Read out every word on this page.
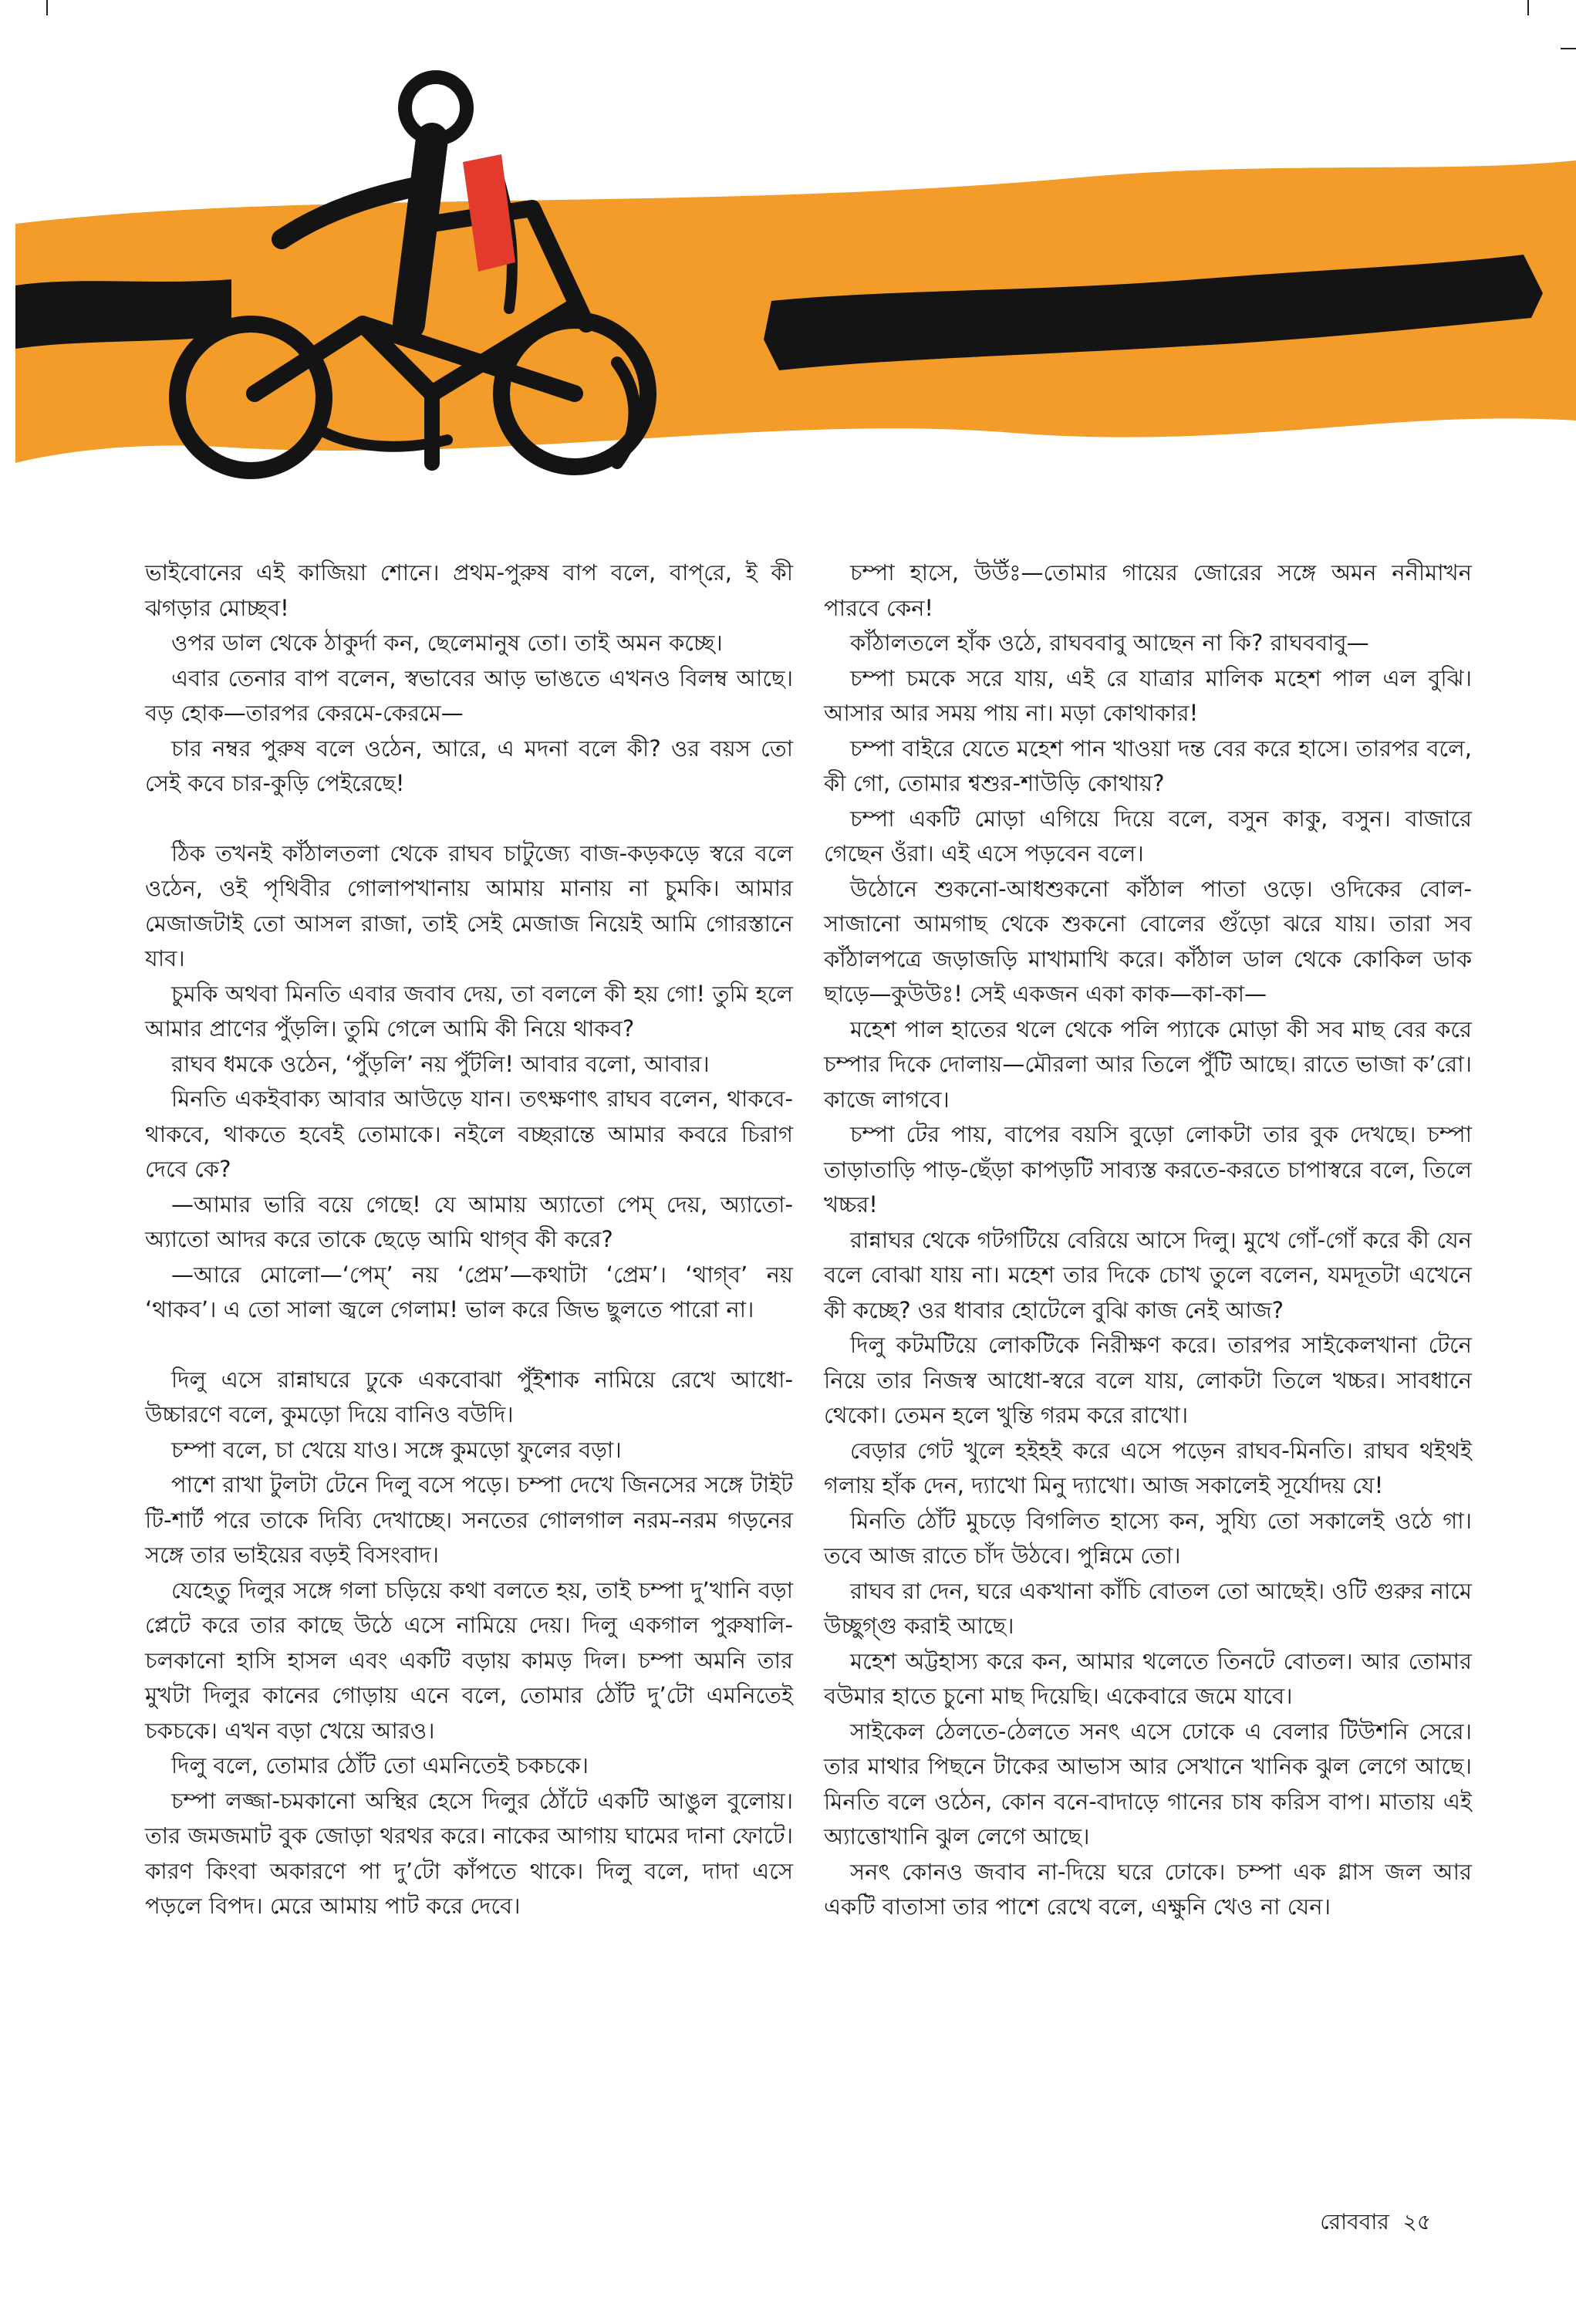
ভাইবোনের এই কাজিয়া শোনে। প্রথম-পুরুষ বাপ বলে, বাপ্‌রে, ই কী ঝগড়ার মোচ্ছব!

ওপর ডাল থেকে ঠাকুর্দা কন, ছেলেমানুষ তো। তাই অমন কচ্ছে।

এবার তেনার বাপ বলেন, স্বভাবের আড় ভাঙতে এখনও বিলম্ব আছে। বড় হোক—তারপর কেরমে-কেরমে—

চার নম্বর পুরুষ বলে ওঠেন, আরে, এ মদনা বলে কী? ওর বয়স তো সেই কবে চার-কুড়ি পেইরেছে!

ঠিক তখনই কাঁঠালতলা থেকে রাঘব চাটুজ্যে বাজ-কড়কড়ে স্বরে বলে ওঠেন, ওই পৃথিবীর গোলাপখানায় আমায় মানায় না চুমকি। আমার মেজাজটাই তো আসল রাজা, তাই সেই মেজাজ নিয়েই আমি গোরস্তানে যাব।

চুমকি অথবা মিনতি এবার জবাব দেয়, তা বললে কী হয় গো! তুমি হলে আমার প্রাণের পুঁড়লি। তুমি গেলে আমি কী নিয়ে থাকব?

রাঘব ধমকে ওঠেন, ‘পুঁড়লি’ নয় পুঁটলি! আবার বলো, আবার।

মিনতি একইবাক্য আবার আউড়ে যান। তৎক্ষণাৎ রাঘব বলেন, থাকবে-থাকবে, থাকতে হবেই তোমাকে। নইলে বচ্ছরান্তে আমার কবরে চিরাগ দেবে কে?

—আমার ভারি বয়ে গেছে! যে আমায় অ্যাতো পেম্‌ দেয়, অ্যাতো-অ্যাতো আদর করে তাকে ছেড়ে আমি থাগ্‌ব কী করে?

—আরে মোলো—‘পেম্‌’ নয় ‘প্রেম’—কথাটা ‘প্রেম’। ‘থাগ্‌ব’ নয় ‘থাকব’। এ তো সালা জ্বলে গেলাম! ভাল করে জিভ ছুলতে পারো না।

দিলু এসে রান্নাঘরে ঢুকে একবোঝা পুঁইশাক নামিয়ে রেখে আধো-উচ্চারণে বলে, কুমড়ো দিয়ে বানিও বউদি।

চম্পা বলে, চা খেয়ে যাও। সঙ্গে কুমড়ো ফুলের বড়া।

পাশে রাখা টুলটা টেনে দিলু বসে পড়ে। চম্পা দেখে জিনসের সঙ্গে টাইট টি-শার্ট পরে তাকে দিব্যি দেখাচ্ছে। সনতের গোলগাল নরম-নরম গড়নের সঙ্গে তার ভাইয়ের বড়ই বিসংবাদ।

যেহেতু দিলুর সঙ্গে গলা চড়িয়ে কথা বলতে হয়, তাই চম্পা দু’খানি বড়া প্লেটে করে তার কাছে উঠে এসে নামিয়ে দেয়। দিলু একগাল পুরুষালি-চলকানো হাসি হাসল এবং একটি বড়ায় কামড় দিল। চম্পা অমনি তার মুখটা দিলুর কানের গোড়ায় এনে বলে, তোমার ঠোঁট দু’টো এমনিতেই চকচকে। এখন বড়া খেয়ে আরও।

দিলু বলে, তোমার ঠোঁট তো এমনিতেই চকচকে।

চম্পা লজ্জা-চমকানো অস্থির হেসে দিলুর ঠোঁটে একটি আঙুল বুলোয়। তার জমজমাট বুক জোড়া থরথর করে। নাকের আগায় ঘামের দানা ফোটে। কারণ কিংবা অকারণে পা দু’টো কাঁপতে থাকে। দিলু বলে, দাদা এসে পড়লে বিপদ। মেরে আমায় পাট করে দেবে।

চম্পা হাসে, উউঁঃ—তোমার গায়ের জোরের সঙ্গে অমন ননীমাখন পারবে কেন!

কাঁঠালতলে হাঁক ওঠে, রাঘববাবু আছেন না কি? রাঘববাবু—

চম্পা চমকে সরে যায়, এই রে যাত্রার মালিক মহেশ পাল এল বুঝি। আসার আর সময় পায় না। মড়া কোথাকার!

চম্পা বাইরে যেতে মহেশ পান খাওয়া দন্ত বের করে হাসে। তারপর বলে, কী গো, তোমার শ্বশুর-শাউড়ি কোথায়?

চম্পা একটি মোড়া এগিয়ে দিয়ে বলে, বসুন কাকু, বসুন। বাজারে গেছেন ওঁরা। এই এসে পড়বেন বলে।

উঠোনে শুকনো-আধশুকনো কাঁঠাল পাতা ওড়ে। ওদিকের বোল-সাজানো আমগাছ থেকে শুকনো বোলের গুঁড়ো ঝরে যায়। তারা সব কাঁঠালপত্রে জড়াজড়ি মাখামাখি করে। কাঁঠাল ডাল থেকে কোকিল ডাক ছাড়ে—কুউউঃ! সেই একজন একা কাক—কা-কা—

মহেশ পাল হাতের থলে থেকে পলি প্যাকে মোড়া কী সব মাছ বের করে চম্পার দিকে দোলায়—মৌরলা আর তিলে পুঁটি আছে। রাতে ভাজা ক’রো। কাজে লাগবে।

চম্পা টের পায়, বাপের বয়সি বুড়ো লোকটা তার বুক দেখছে। চম্পা তাড়াতাড়ি পাড়-ছেঁড়া কাপড়টি সাব্যস্ত করতে-করতে চাপাস্বরে বলে, তিলে খচ্চর!

রান্নাঘর থেকে গটগটিয়ে বেরিয়ে আসে দিলু। মুখে গোঁ-গোঁ করে কী যেন বলে বোঝা যায় না। মহেশ তার দিকে চোখ তুলে বলেন, যমদূতটা এখেনে কী কচ্ছে? ওর ধাবার হোটেলে বুঝি কাজ নেই আজ?

দিলু কটমটিয়ে লোকটিকে নিরীক্ষণ করে। তারপর সাইকেলখানা টেনে নিয়ে তার নিজস্ব আধো-স্বরে বলে যায়, লোকটা তিলে খচ্চর। সাবধানে থেকো। তেমন হলে খুন্তি গরম করে রাখো।

বেড়ার গেট খুলে হইহই করে এসে পড়েন রাঘব-মিনতি। রাঘব থইথই গলায় হাঁক দেন, দ্যাখো মিনু দ্যাখো। আজ সকালেই সূর্যোদয় যে!

মিনতি ঠোঁট মুচড়ে বিগলিত হাস্যে কন, সুয্যি তো সকালেই ওঠে গা। তবে আজ রাতে চাঁদ উঠবে। পুন্নিমে তো।

রাঘব রা দেন, ঘরে একখানা কাঁচি বোতল তো আছেই। ওটি গুরুর নামে উচ্ছুগ্‌গু করাই আছে।

মহেশ অট্টহাস্য করে কন, আমার থলেতে তিনটে বোতল। আর তোমার বউমার হাতে চুনো মাছ দিয়েছি। একেবারে জমে যাবে।

সাইকেল ঠেলতে-ঠেলতে সনৎ এসে ঢোকে এ বেলার টিউশনি সেরে। তার মাথার পিছনে টাকের আভাস আর সেখানে খানিক ঝুল লেগে আছে। মিনতি বলে ওঠেন, কোন বনে-বাদাড়ে গানের চাষ করিস বাপ। মাতায় এই অ্যাত্তোখানি ঝুল লেগে আছে।

সনৎ কোনও জবাব না-দিয়ে ঘরে ঢোকে। চম্পা এক গ্লাস জল আর একটি বাতাসা তার পাশে রেখে বলে, এক্ষুনি খেও না যেন।

রোববার ২৫
